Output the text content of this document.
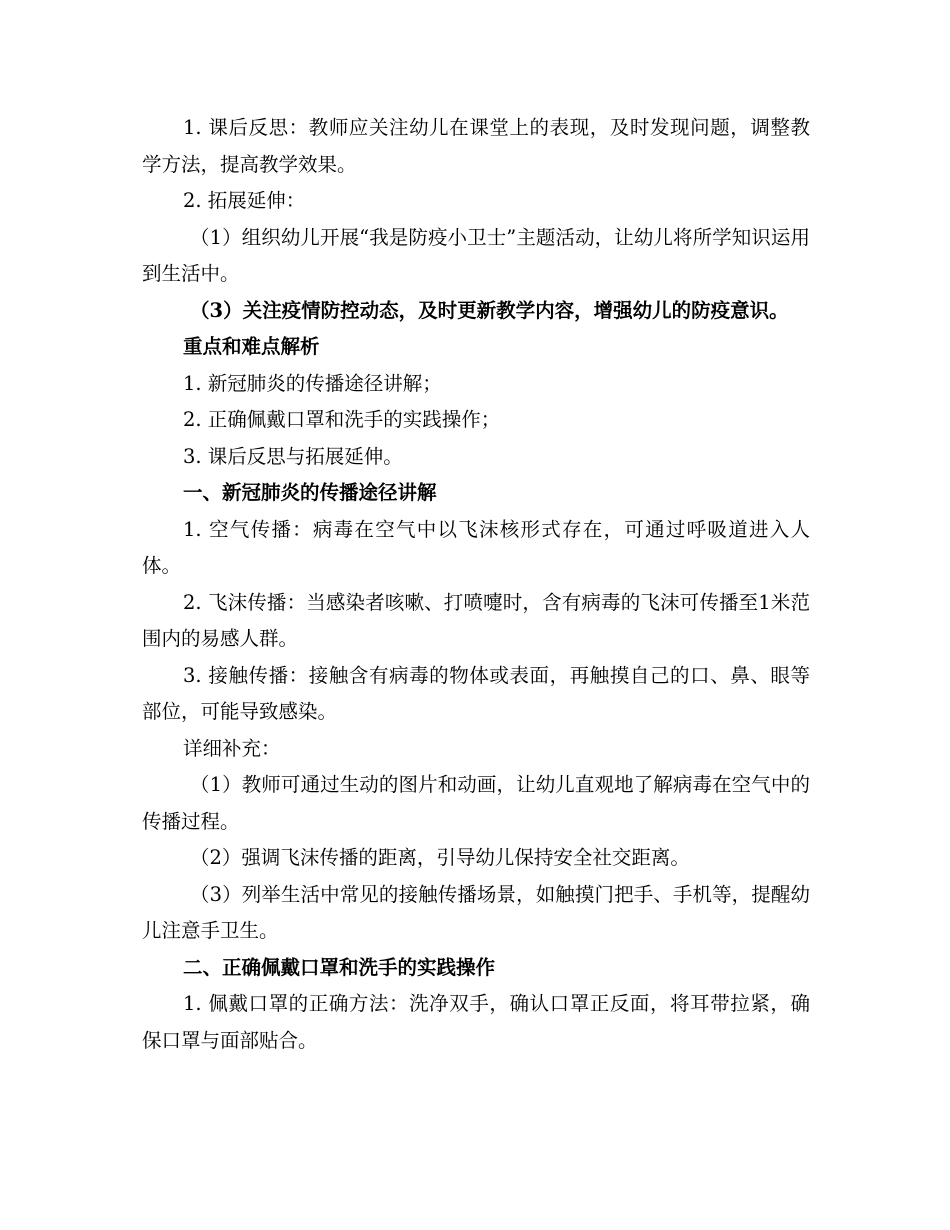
1. 课后反思：教师应关注幼儿在课堂上的表现，及时发现问题，调整教学方法，提高教学效果。

2. 拓展延伸：

（1）组织幼儿开展“我是防疫小卫士”主题活动，让幼儿将所学知识运用到生活中。

（3）关注疫情防控动态，及时更新教学内容，增强幼儿的防疫意识。

重点和难点解析

1. 新冠肺炎的传播途径讲解；

2. 正确佩戴口罩和洗手的实践操作；

3. 课后反思与拓展延伸。

一、新冠肺炎的传播途径讲解

1. 空气传播：病毒在空气中以飞沫核形式存在，可通过呼吸道进入人体。

2. 飞沫传播：当感染者咳嗽、打喷嚏时，含有病毒的飞沫可传播至1米范围内的易感人群。

3. 接触传播：接触含有病毒的物体或表面，再触摸自己的口、鼻、眼等部位，可能导致感染。

详细补充：

（1）教师可通过生动的图片和动画，让幼儿直观地了解病毒在空气中的传播过程。

（2）强调飞沫传播的距离，引导幼儿保持安全社交距离。

（3）列举生活中常见的接触传播场景，如触摸门把手、手机等，提醒幼儿注意手卫生。

二、正确佩戴口罩和洗手的实践操作

1. 佩戴口罩的正确方法：洗净双手，确认口罩正反面，将耳带拉紧，确保口罩与面部贴合。
